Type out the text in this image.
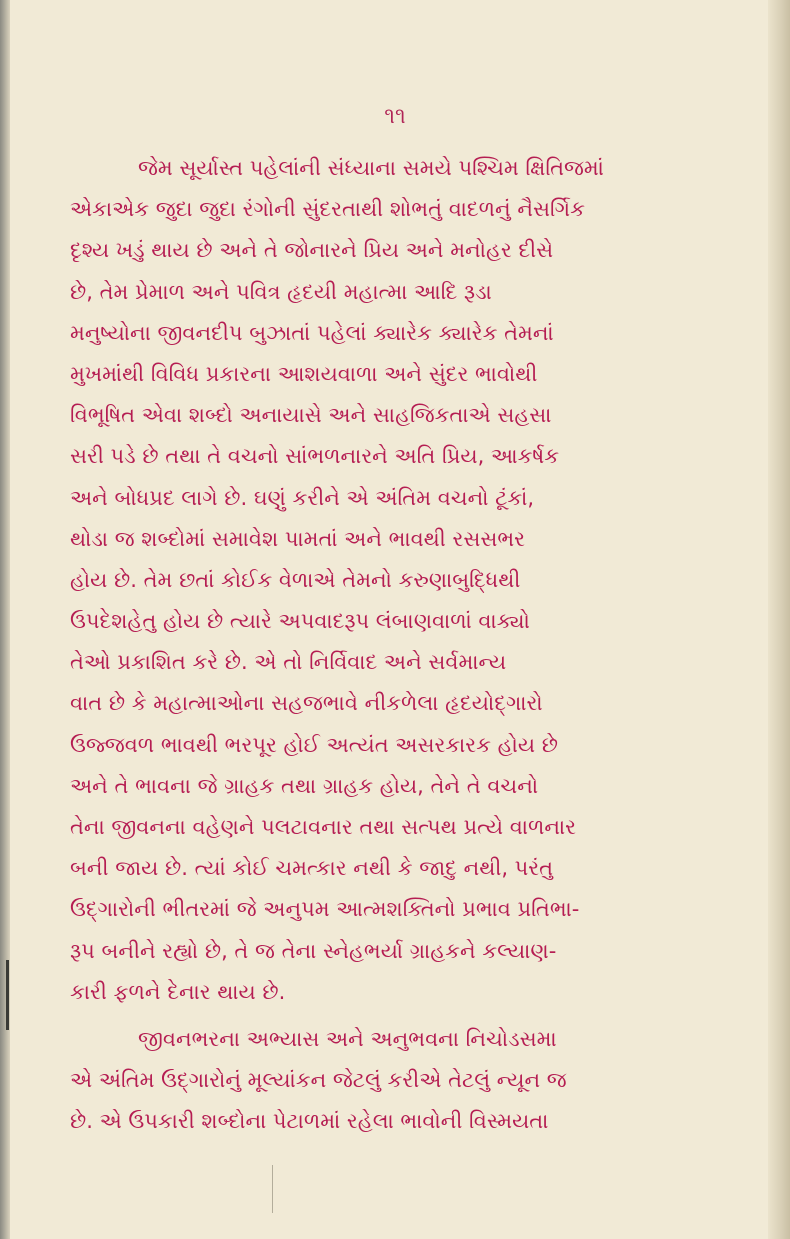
૧૧
જેમ સૂર્યાસ્ત પહેલાંની સંધ્યાના સમયે પશ્ચિમ ક્ષિતિજમાં
એકાએક જુદા જુદા રંગોની સુંદરતાથી શોભતું વાદળનું નૈસર્ગિક
દૃશ્ય ખડું થાય છે અને તે જોનારને પ્રિય અને મનોહર દીસે
છે, તેમ પ્રેમાળ અને પવિત્ર હૃદયી મહાત્મા આદિ રૂડા
મનુષ્યોના જીવનદીપ બુઝાતાં પહેલાં ક્યારેક ક્યારેક તેમનાં
મુખમાંથી વિવિધ પ્રકારના આશયવાળા અને સુંદર ભાવોથી
વિભૂષિત એવા શબ્દો અનાયાસે અને સાહજિકતાએ સહસા
સરી પડે છે તથા તે વચનો સાંભળનારને અતિ પ્રિય, આકર્ષક
અને બોધપ્રદ લાગે છે. ઘણું કરીને એ અંતિમ વચનો ટૂંકાં,
થોડા જ શબ્દોમાં સમાવેશ પામતાં અને ભાવથી રસસભર
હોય છે. તેમ છતાં કોઈક વેળાએ તેમનો કરુણાબુદ્ધિથી
ઉપદેશહેતુ હોય છે ત્યારે અપવાદરૂપ લંબાણવાળાં વાક્યો
તેઓ પ્રકાશિત કરે છે. એ તો નિર્વિવાદ અને સર્વમાન્ય
વાત છે કે મહાત્માઓના સહજભાવે નીકળેલા હૃદયોદ્ગારો
ઉજ્જવળ ભાવથી ભરપૂર હોઈ અત્યંત અસરકારક હોય છે
અને તે ભાવના જે ગ્રાહક તથા ગ્રાહક હોય, તેને તે વચનો
તેના જીવનના વહેણને પલટાવનાર તથા સત્પથ પ્રત્યે વાળનાર
બની જાય છે. ત્યાં કોઈ ચમત્કાર નથી કે જાદુ નથી, પરંતુ
ઉદ્ગારોની ભીતરમાં જે અનુપમ આત્મશક્તિનો પ્રભાવ પ્રતિભા-
રૂપ બનીને રહ્યો છે, તે જ તેના સ્નેહભર્યા ગ્રાહકને કલ્યાણ-
કારી ફળને દેનાર થાય છે.
જીવનભરના અભ્યાસ અને અનુભવના નિચોડસમા
એ અંતિમ ઉદ્ગારોનું મૂલ્યાંકન જેટલું કરીએ તેટલું ન્યૂન જ
છે. એ ઉપકારી શબ્દોના પેટાળમાં રહેલા ભાવોની વિસ્મયતા
